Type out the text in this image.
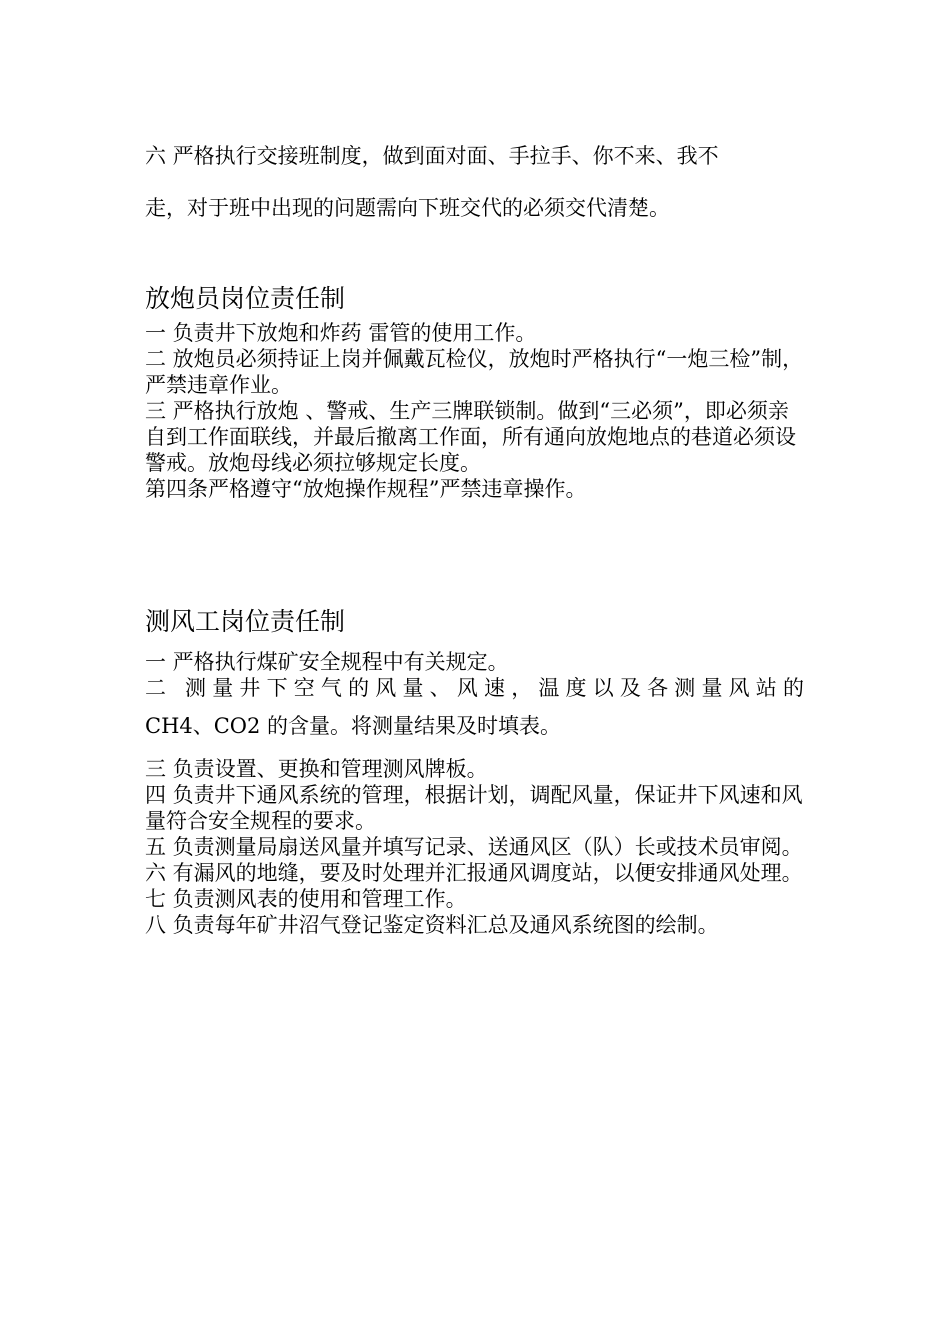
六 严格执行交接班制度，做到面对面、手拉手、你不来、我不

走，对于班中出现的问题需向下班交代的必须交代清楚。

放炮员岗位责任制

一 负责井下放炮和炸药 雷管的使用工作。

二 放炮员必须持证上岗并佩戴瓦检仪，放炮时严格执行“一炮三检”制，严禁违章作业。

三 严格执行放炮 、警戒、生产三牌联锁制。做到“三必须”，即必须亲自到工作面联线，并最后撤离工作面，所有通向放炮地点的巷道必须设警戒。放炮母线必须拉够规定长度。

第四条严格遵守“放炮操作规程”严禁违章操作。

测风工岗位责任制

一 严格执行煤矿安全规程中有关规定。

二 测量井下空气的风量、风速，温度以及各测量风站的

CH4、CO2 的含量。将测量结果及时填表。

三 负责设置、更换和管理测风牌板。

四 负责井下通风系统的管理，根据计划，调配风量，保证井下风速和风量符合安全规程的要求。

五 负责测量局扇送风量并填写记录、送通风区（队）长或技术员审阅。

六 有漏风的地缝，要及时处理并汇报通风调度站，以便安排通风处理。

七 负责测风表的使用和管理工作。

八 负责每年矿井沼气登记鉴定资料汇总及通风系统图的绘制。
